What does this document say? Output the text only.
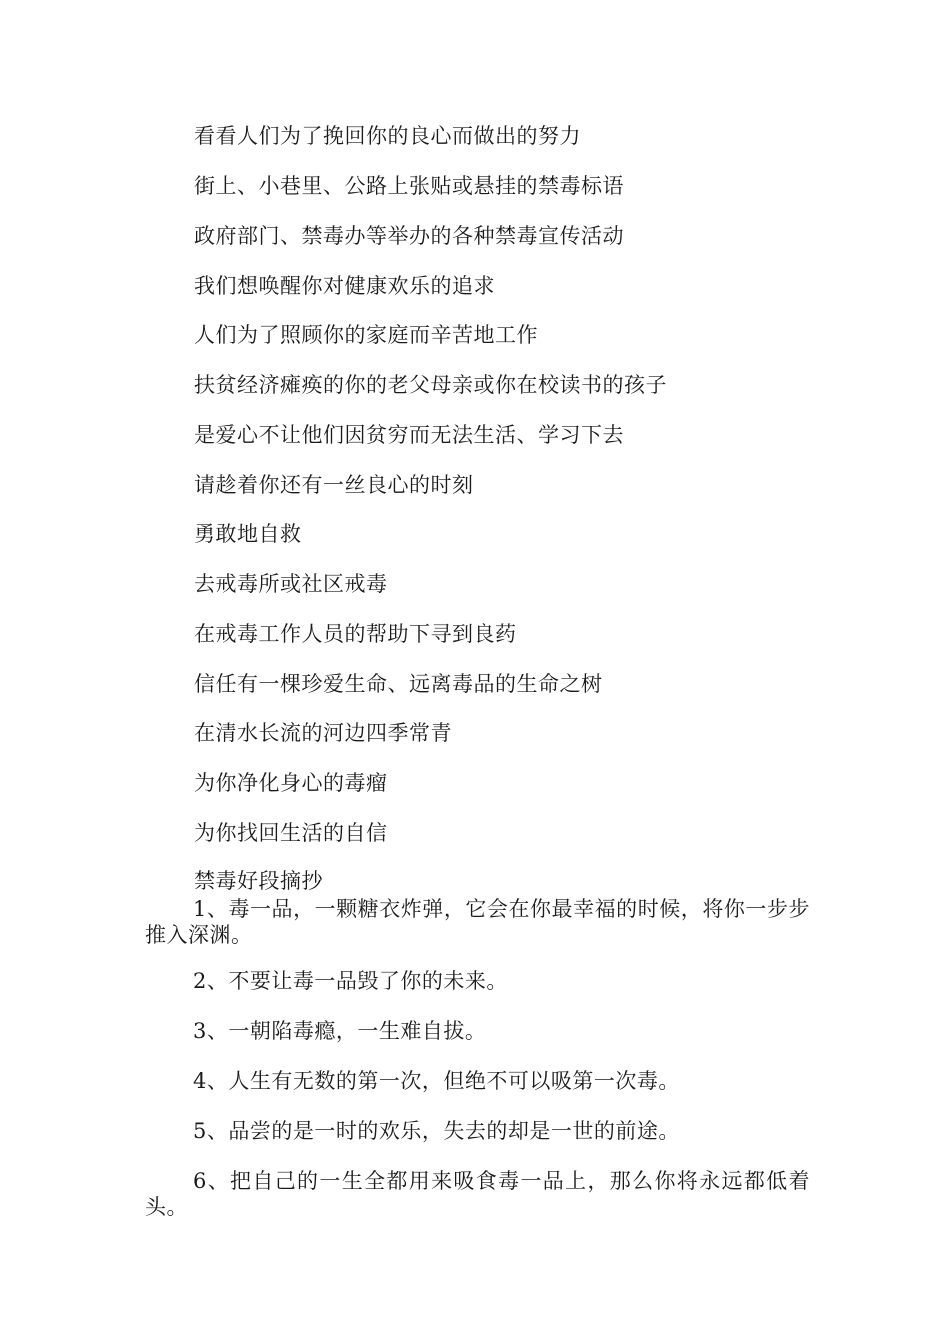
看看人们为了挽回你的良心而做出的努力
街上、小巷里、公路上张贴或悬挂的禁毒标语
政府部门、禁毒办等举办的各种禁毒宣传活动
我们想唤醒你对健康欢乐的追求
人们为了照顾你的家庭而辛苦地工作
扶贫经济瘫痪的你的老父母亲或你在校读书的孩子
是爱心不让他们因贫穷而无法生活、学习下去
请趁着你还有一丝良心的时刻
勇敢地自救
去戒毒所或社区戒毒
在戒毒工作人员的帮助下寻到良药
信任有一棵珍爱生命、远离毒品的生命之树
在清水长流的河边四季常青
为你净化身心的毒瘤
为你找回生活的自信
禁毒好段摘抄
1、毒一品，一颗糖衣炸弹，它会在你最幸福的时候，将你一步步推入深渊。
2、不要让毒一品毁了你的未来。
3、一朝陷毒瘾，一生难自拔。
4、人生有无数的第一次，但绝不可以吸第一次毒。
5、品尝的是一时的欢乐，失去的却是一世的前途。
6、把自己的一生全都用来吸食毒一品上，那么你将永远都低着头。
